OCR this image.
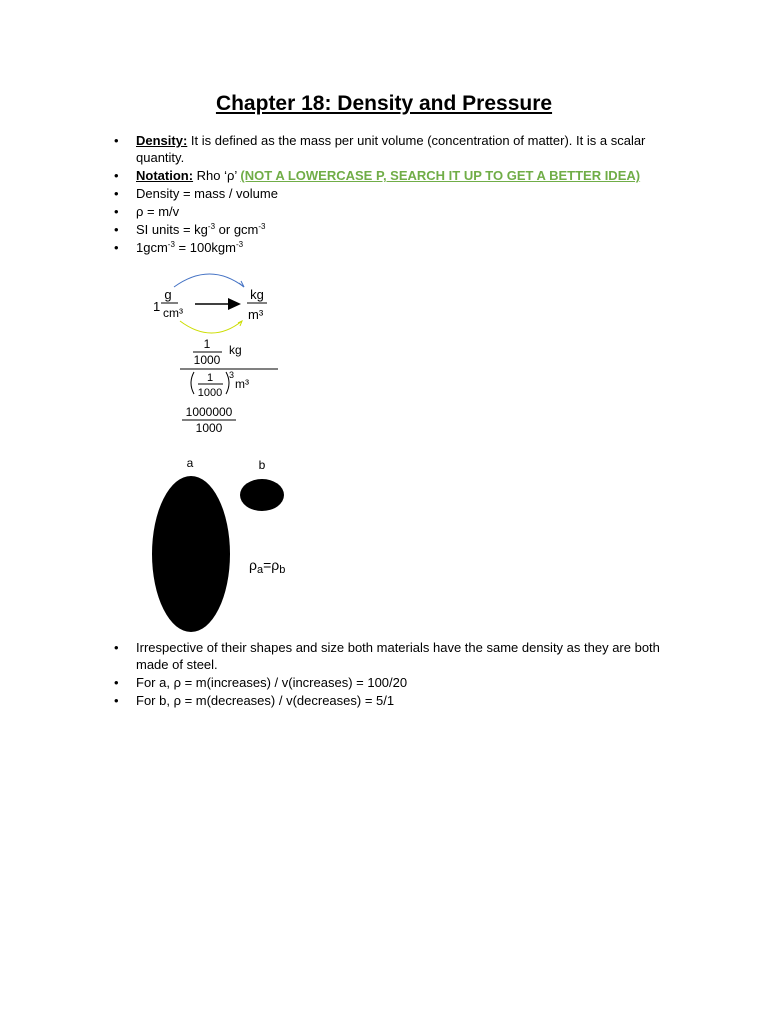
Chapter 18: Density and Pressure
• Density: It is defined as the mass per unit volume (concentration of matter). It is a scalar quantity.
• Notation: Rho ‘ρ’ (NOT A LOWERCASE P, SEARCH IT UP TO GET A BETTER IDEA)
• Density = mass / volume
• ρ = m/v
• SI units = $kg^{-3}$ or gcm$^{-3}$
• 1gcm$^{-3}$ = 100kgm$^{-3}$
1
g
cm³
kg
m³
1
1000
kg
1
1000
3
m³
1000000
1000
a	b
$\rho_a=\rho_b$
• Irrespective of their shapes and size both materials have the same density as they are both made of steel.
• For a, ρ = m(increases) / v(increases) = 100/20
• For b, ρ = m(decreases) / v(decreases) = 5/1
